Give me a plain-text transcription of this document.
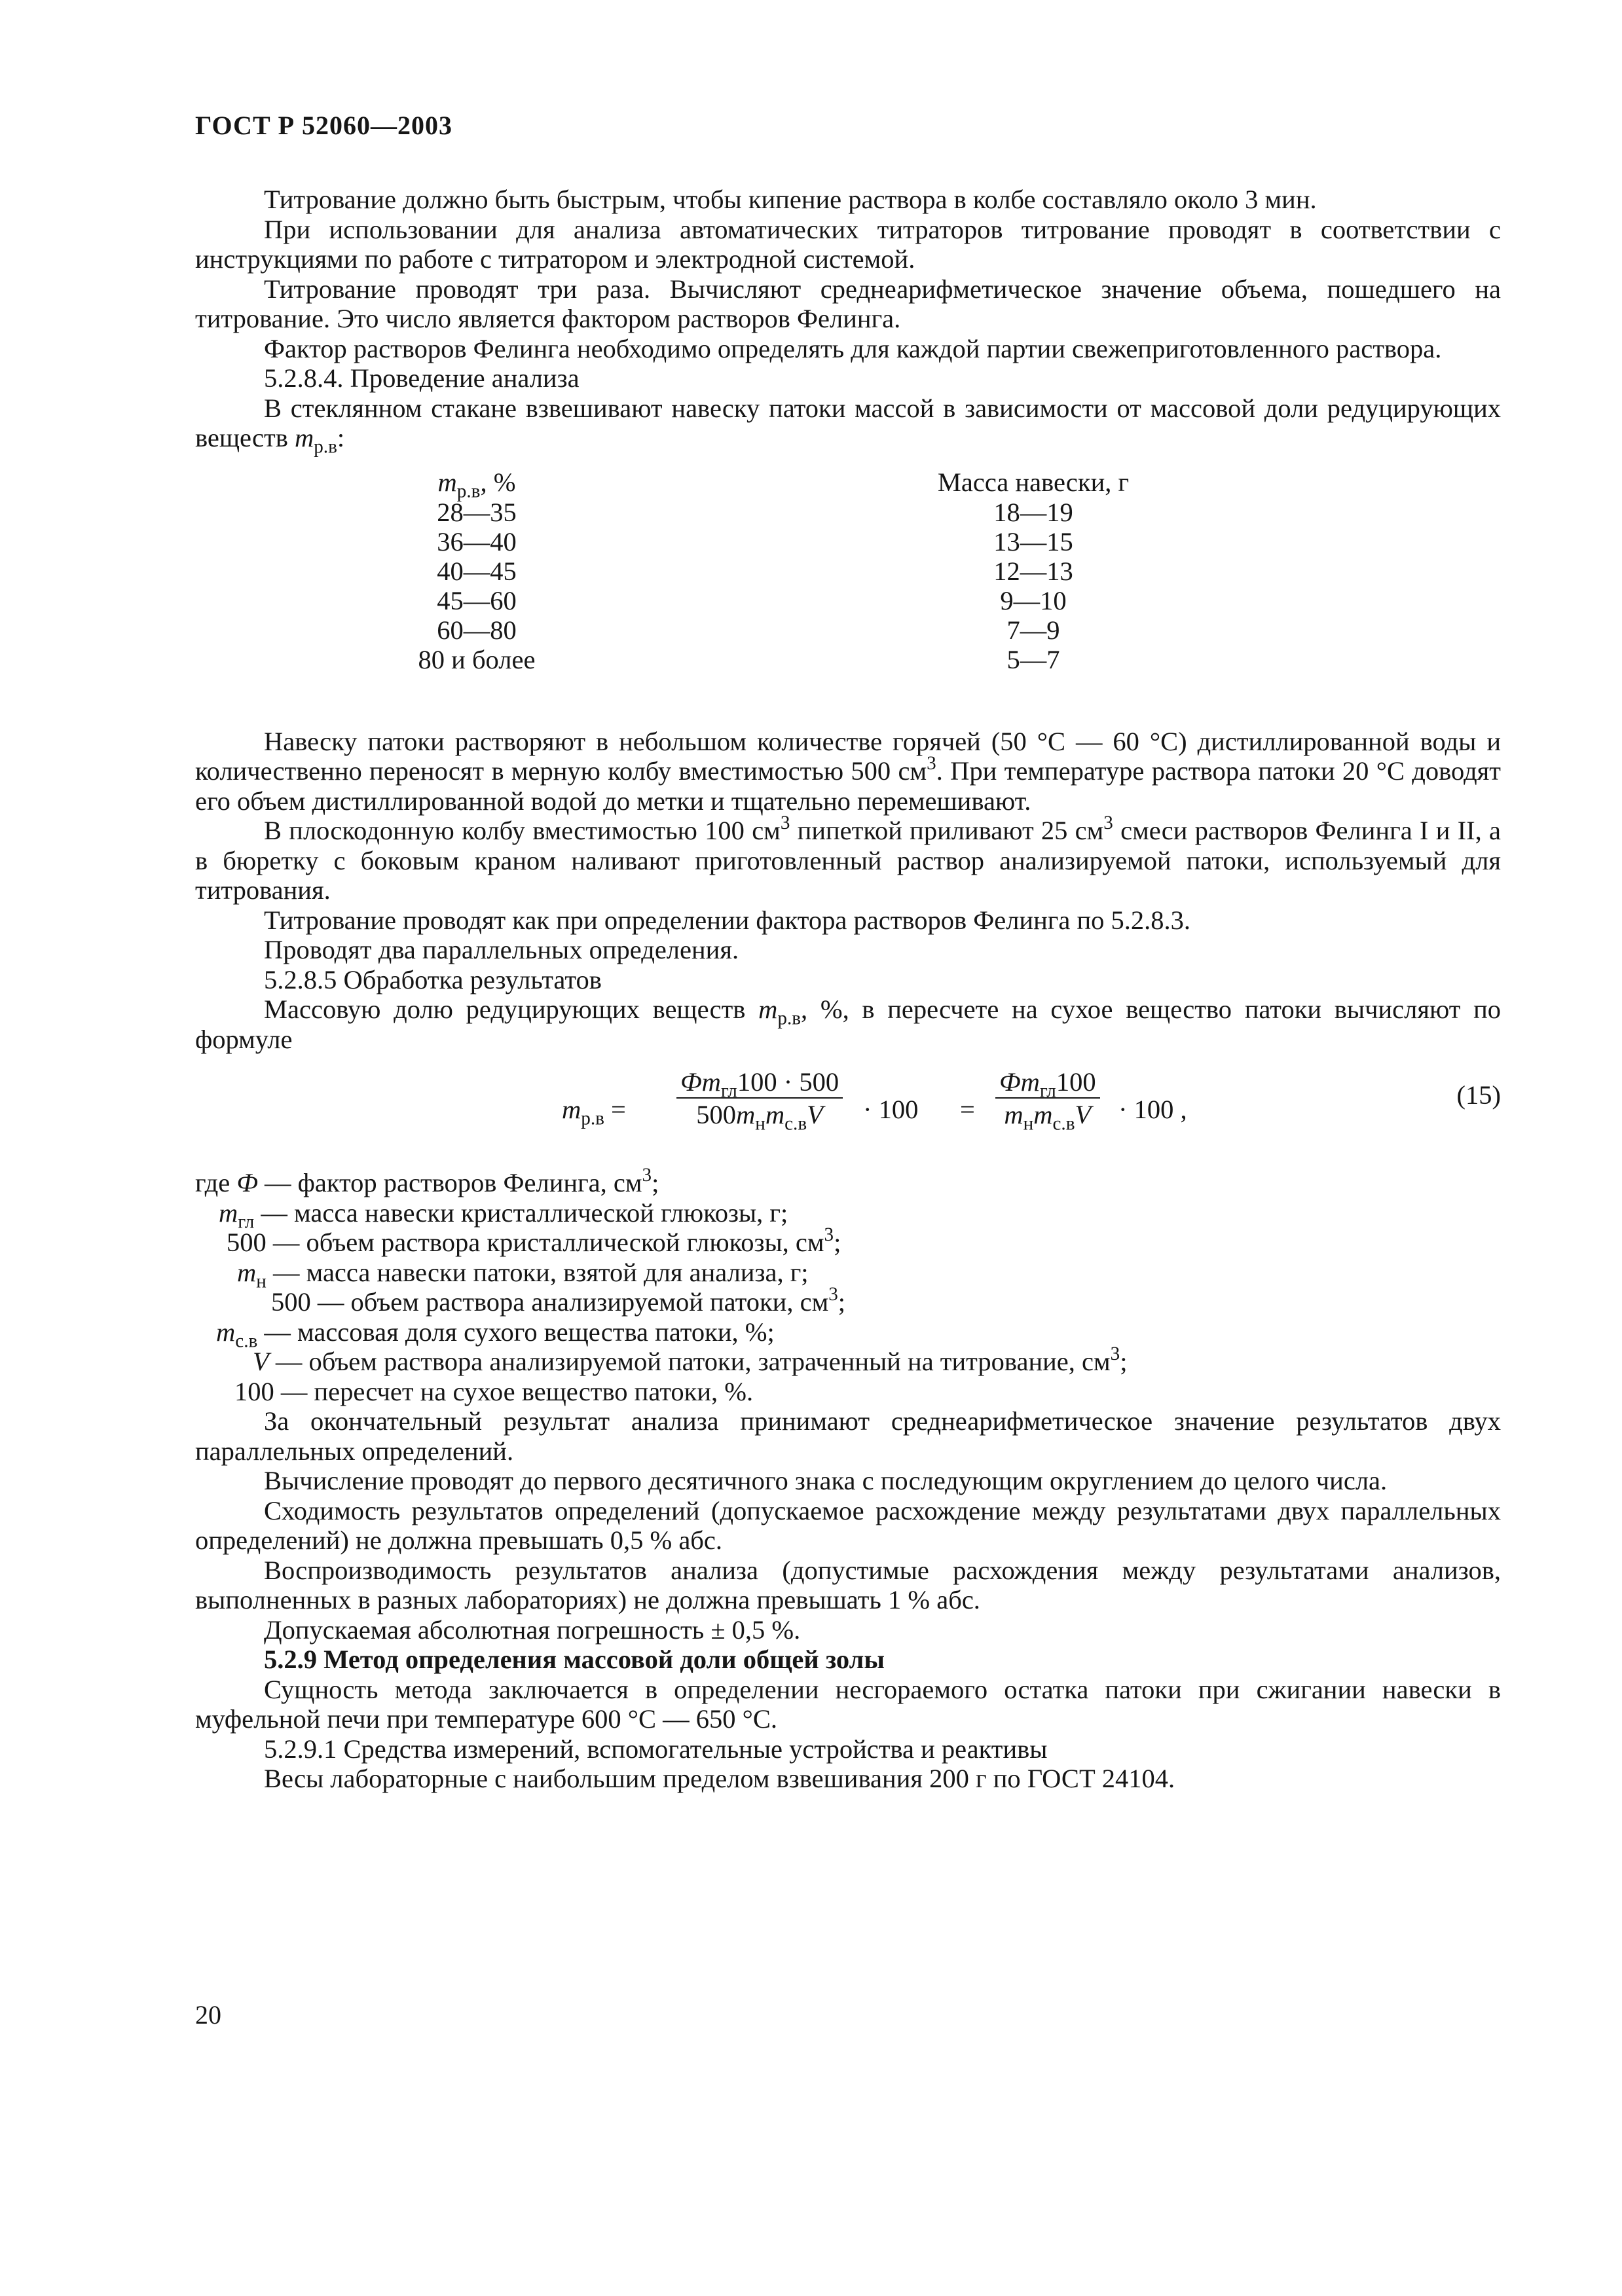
ГОСТ Р 52060—2003

Титрование должно быть быстрым, чтобы кипение раствора в колбе составляло около 3 мин.

При использовании для анализа автоматических титраторов титрование проводят в соответствии с инструкциями по работе с титратором и электродной системой.

Титрование проводят три раза. Вычисляют среднеарифметическое значение объема, пошедшего на титрование. Это число является фактором растворов Фелинга.

Фактор растворов Фелинга необходимо определять для каждой партии свежеприготовленного раствора.

5.2.8.4. Проведение анализа

В стеклянном стакане взвешивают навеску патоки массой в зависимости от массовой доли редуцирующих веществ $m_{р.в}$:

$m_{р.в}$, %	Масса навески, г
28—35	18—19
36—40	13—15
40—45	12—13
45—60	9—10
60—80	7—9
80 и более	5—7

Навеску патоки растворяют в небольшом количестве горячей (50 °С — 60 °С) дистиллированной воды и количественно переносят в мерную колбу вместимостью 500 $см^3$. При температуре раствора патоки 20 °С доводят его объем дистиллированной водой до метки и тщательно перемешивают.

В плоскодонную колбу вместимостью 100 $см^3$ пипеткой приливают 25 $см^3$ смеси растворов Фелинга I и II, а в бюретку с боковым краном наливают приготовленный раствор анализируемой патоки, используемый для титрования.

Титрование проводят как при определении фактора растворов Фелинга по 5.2.8.3.

Проводят два параллельных определения.

5.2.8.5 Обработка результатов

Массовую долю редуцирующих веществ $m_{р.в}$, %, в пересчете на сухое вещество патоки вычисляют по формуле

$m_{р.в}$ =
$Фm_{гл}100 \cdot 500$
$500m_нm_{с.в}V$	· 100 =
$Фm_{гл}100$
$m_нm_{с.в}V$	· 100 ,	(15)
где Ф — фактор растворов Фелинга, $см^3$;
$m_{гл}$ — масса навески кристаллической глюкозы, г;
500 — объем раствора кристаллической глюкозы, $см^3$;
$m_н$ — масса навески патоки, взятой для анализа, г;
500 — объем раствора анализируемой патоки, $см^3$;
$m_{с.в}$ — массовая доля сухого вещества патоки, %;
V — объем раствора анализируемой патоки, затраченный на титрование, $см^3$;
100 — пересчет на сухое вещество патоки, %.

За окончательный результат анализа принимают среднеарифметическое значение результатов двух параллельных определений.

Вычисление проводят до первого десятичного знака с последующим округлением до целого числа.

Сходимость результатов определений (допускаемое расхождение между результатами двух параллельных определений) не должна превышать 0,5 % абс.

Воспроизводимость результатов анализа (допустимые расхождения между результатами анализов, выполненных в разных лабораториях) не должна превышать 1 % абс.

Допускаемая абсолютная погрешность ± 0,5 %.

5.2.9 Метод определения массовой доли общей золы

Сущность метода заключается в определении несгораемого остатка патоки при сжигании навески в муфельной печи при температуре 600 °С — 650 °С.

5.2.9.1 Средства измерений, вспомогательные устройства и реактивы

Весы лабораторные с наибольшим пределом взвешивания 200 г по ГОСТ 24104.

20
